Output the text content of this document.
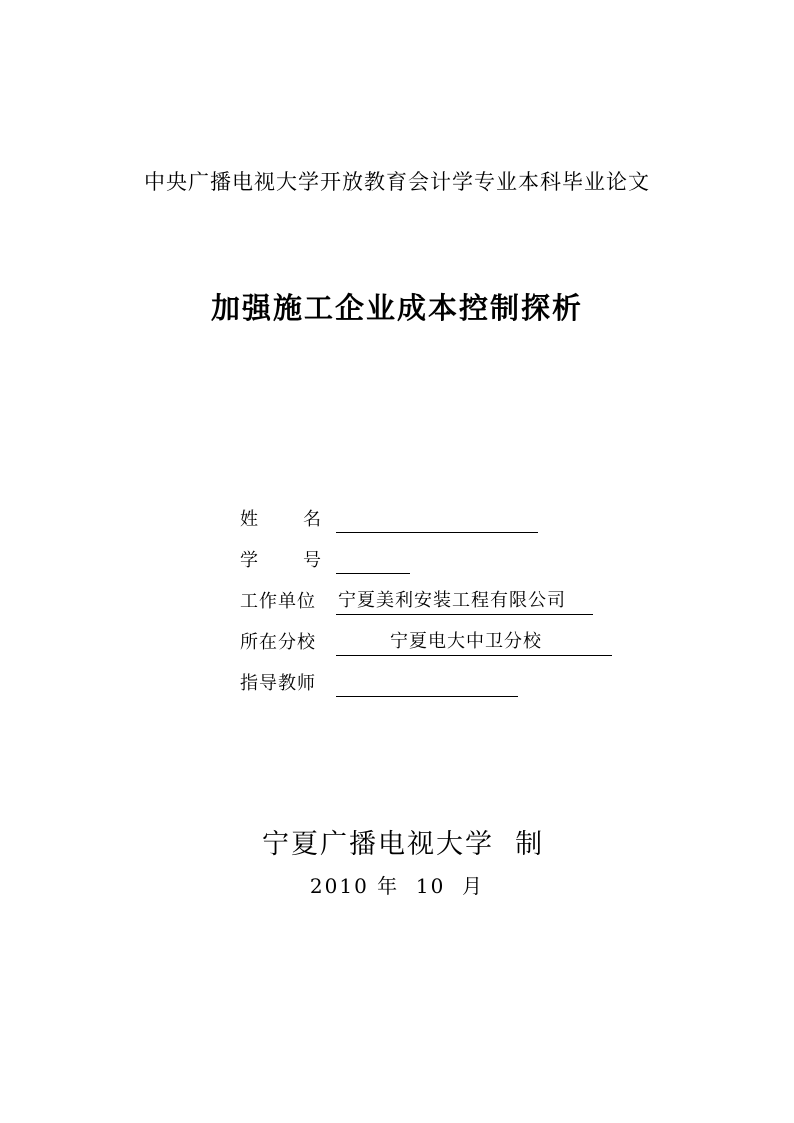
中央广播电视大学开放教育会计学专业本科毕业论文
加强施工企业成本控制探析
姓 名
学 号
工作单位	宁夏美利安装工程有限公司
所在分校	宁夏电大中卫分校
指导教师
宁夏广播电视大学  制
2010 年  10  月
